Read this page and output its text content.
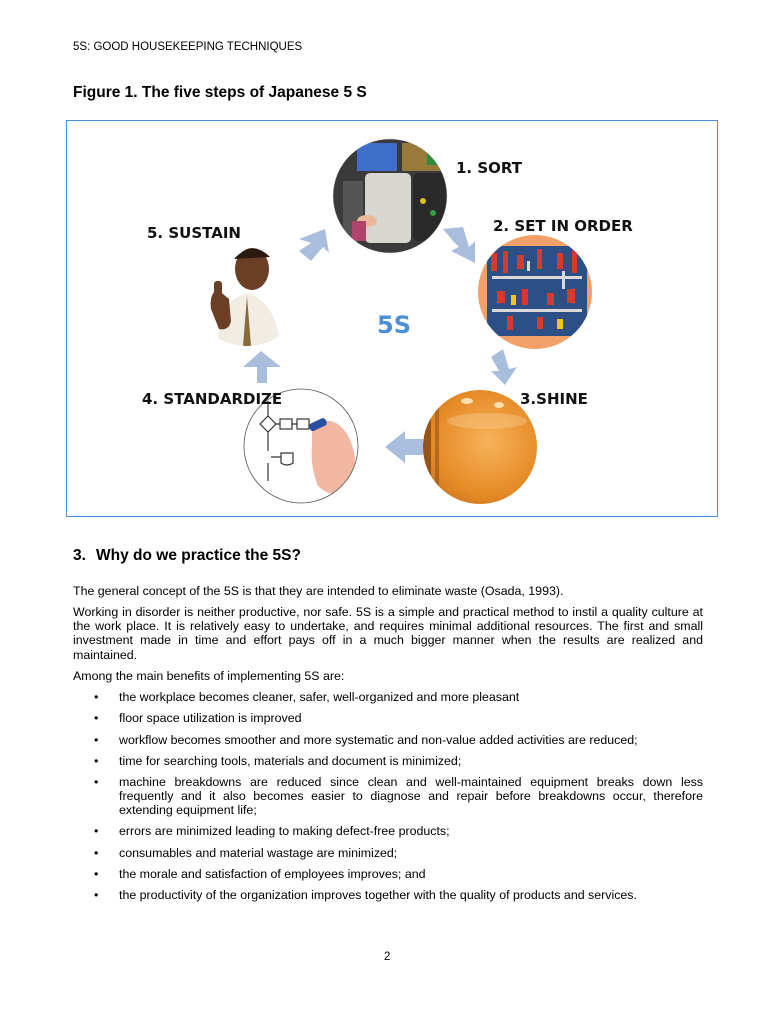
5S: GOOD HOUSEKEEPING TECHNIQUES
Figure 1. The five steps of Japanese 5 S
1. SORT
2. SET IN ORDER
3.SHINE
4. STANDARDIZE
5. SUSTAIN
5S
3. Why do we practice the 5S?

The general concept of the 5S is that they are intended to eliminate waste (Osada, 1993).

Working in disorder is neither productive, nor safe. 5S is a simple and practical method to instil a quality culture at the work place. It is relatively easy to undertake, and requires minimal additional resources. The first and small investment made in time and effort pays off in a much bigger manner when the results are realized and maintained.

Among the main benefits of implementing 5S are:

• the workplace becomes cleaner, safer, well-organized and more pleasant
• floor space utilization is improved
• workflow becomes smoother and more systematic and non-value added activities are reduced;
• time for searching tools, materials and document is minimized;
• machine breakdowns are reduced since clean and well-maintained equipment breaks down less frequently and it also becomes easier to diagnose and repair before breakdowns occur, therefore extending equipment life;
• errors are minimized leading to making defect-free products;
• consumables and material wastage are minimized;
• the morale and satisfaction of employees improves; and
• the productivity of the organization improves together with the quality of products and services.
2
